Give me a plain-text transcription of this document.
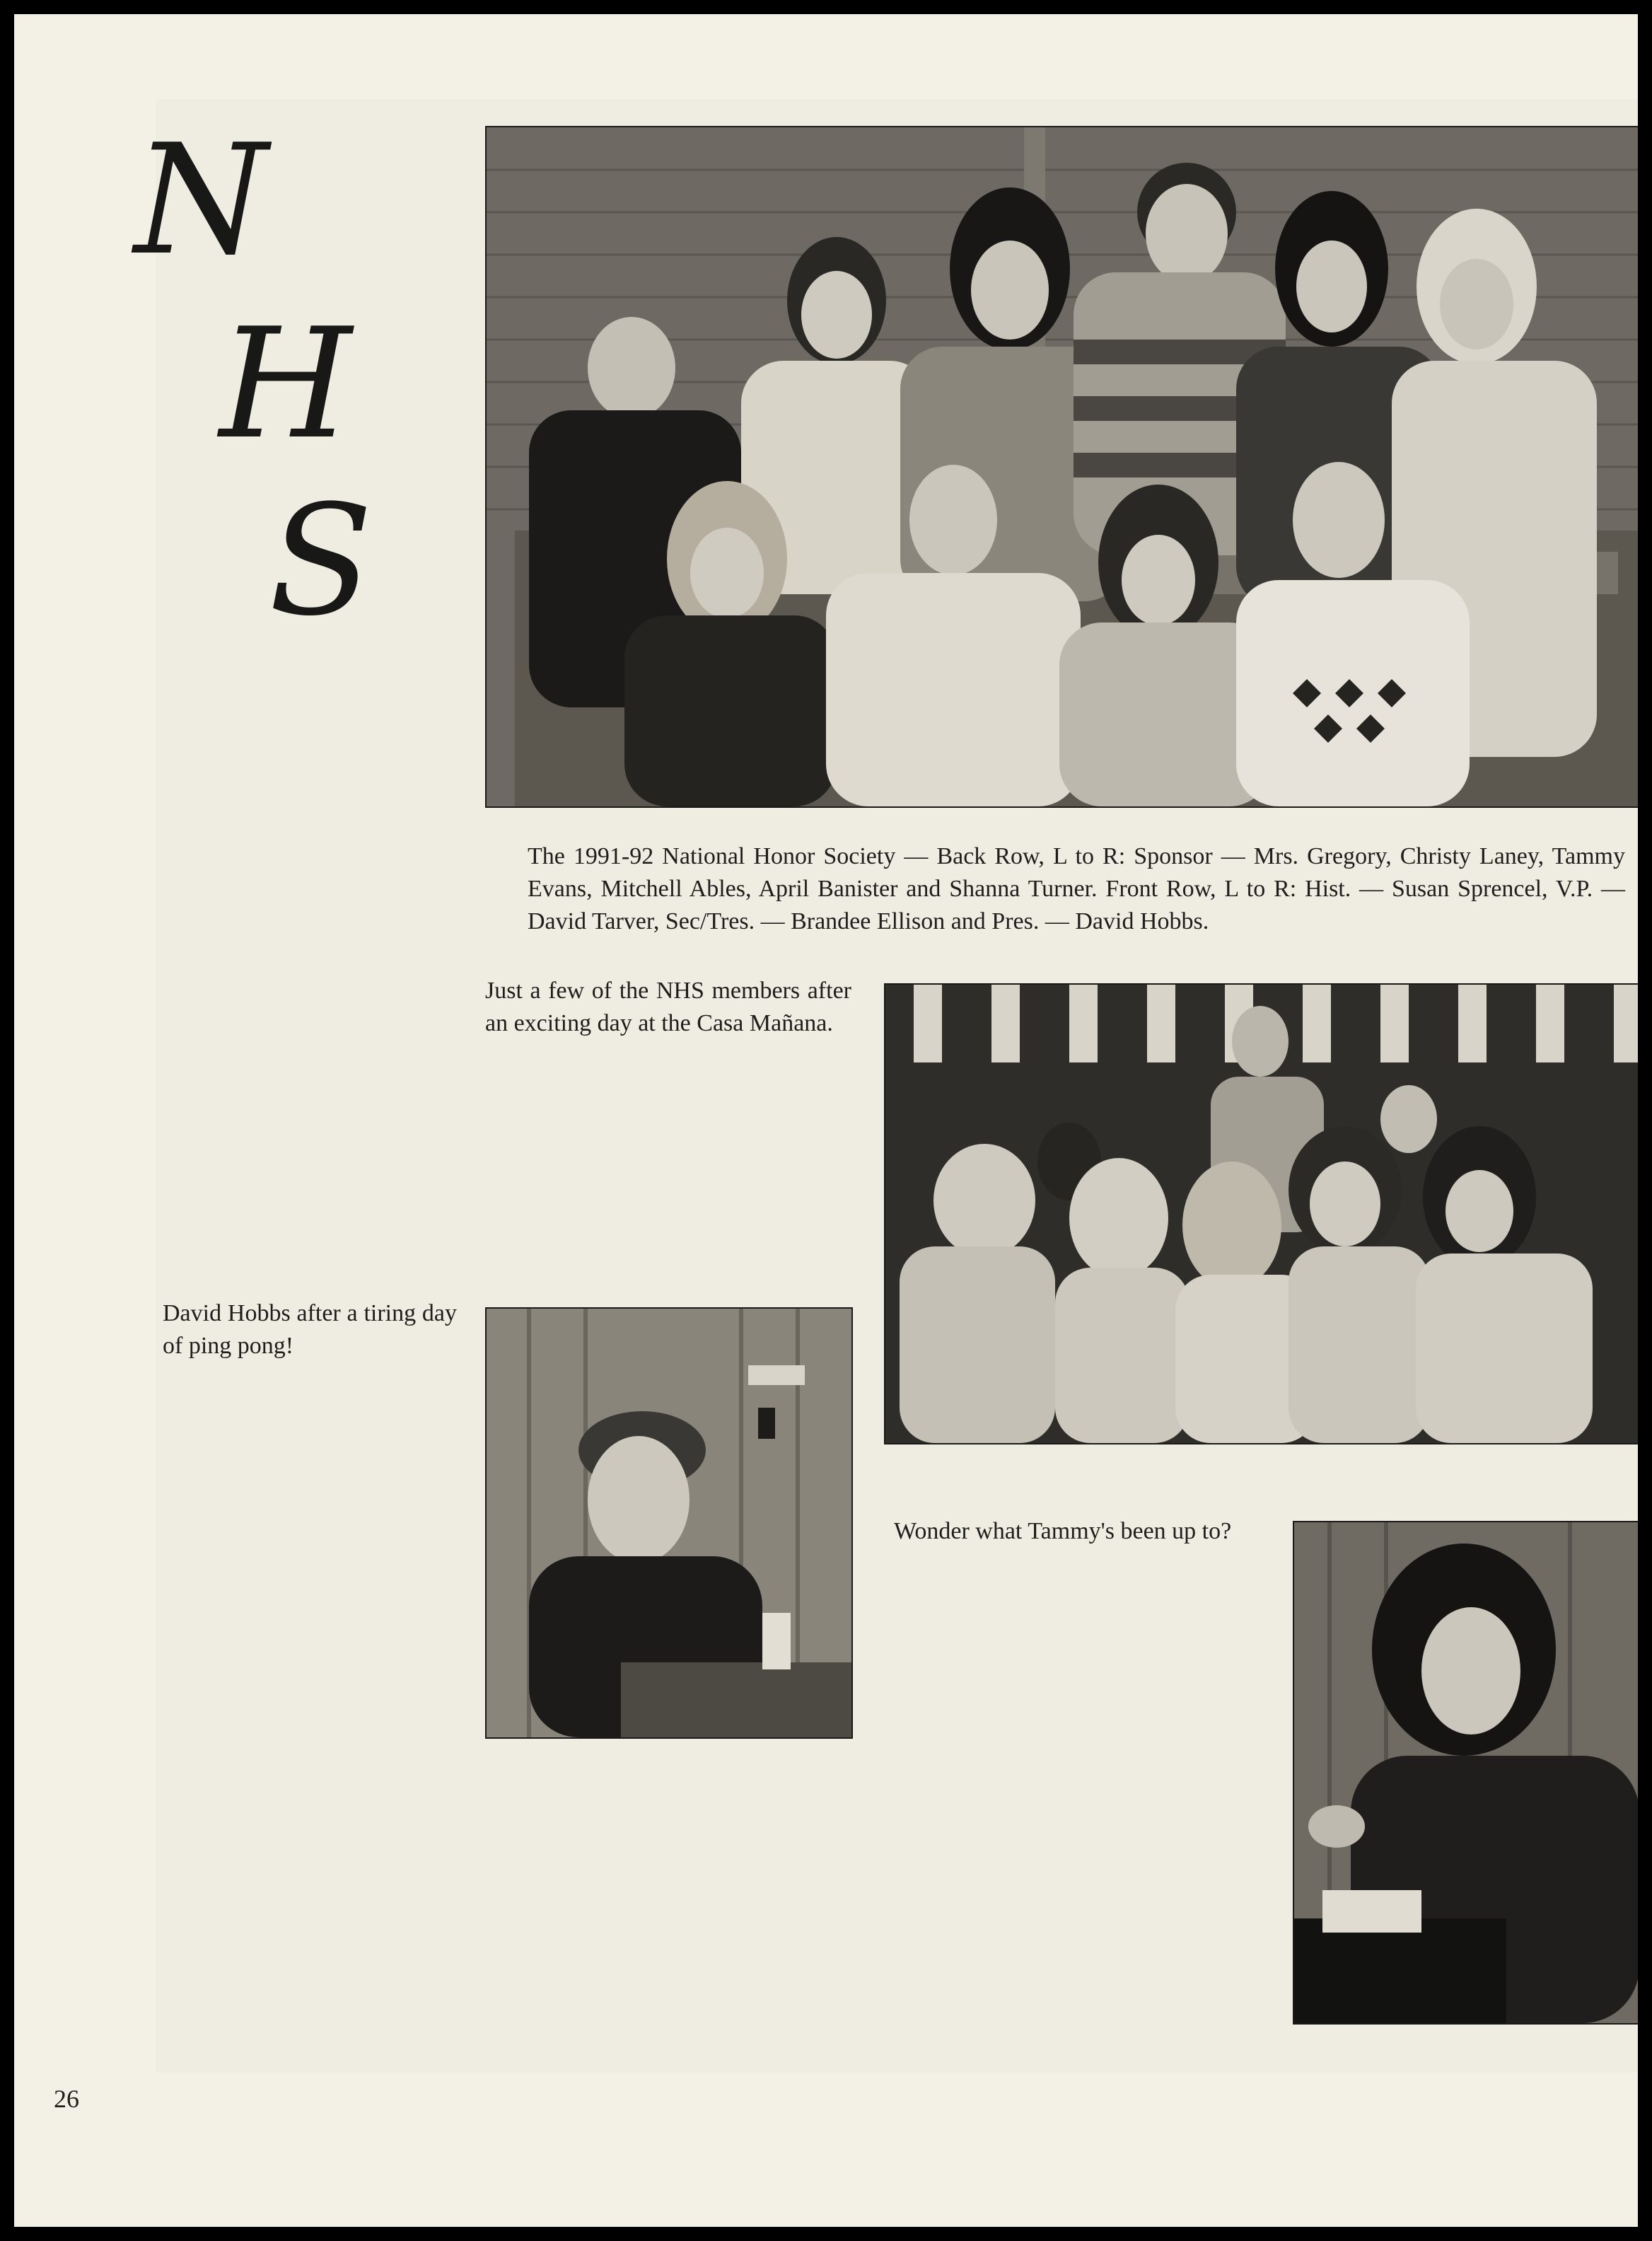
N
H
S
The 1991-92 National Honor Society — Back Row, L to R: Sponsor — Mrs. Gregory, Christy Laney, Tammy Evans, Mitchell Ables, April Banister and Shanna Turner. Front Row, L to R: Hist. — Susan Sprencel, V.P. — David Tarver, Sec/Tres. — Brandee Ellison and Pres. — David Hobbs.
Just a few of the NHS members after an exciting day at the Casa Mañana.
David Hobbs after a tiring day of ping pong!
Wonder what Tammy's been up to?
26
